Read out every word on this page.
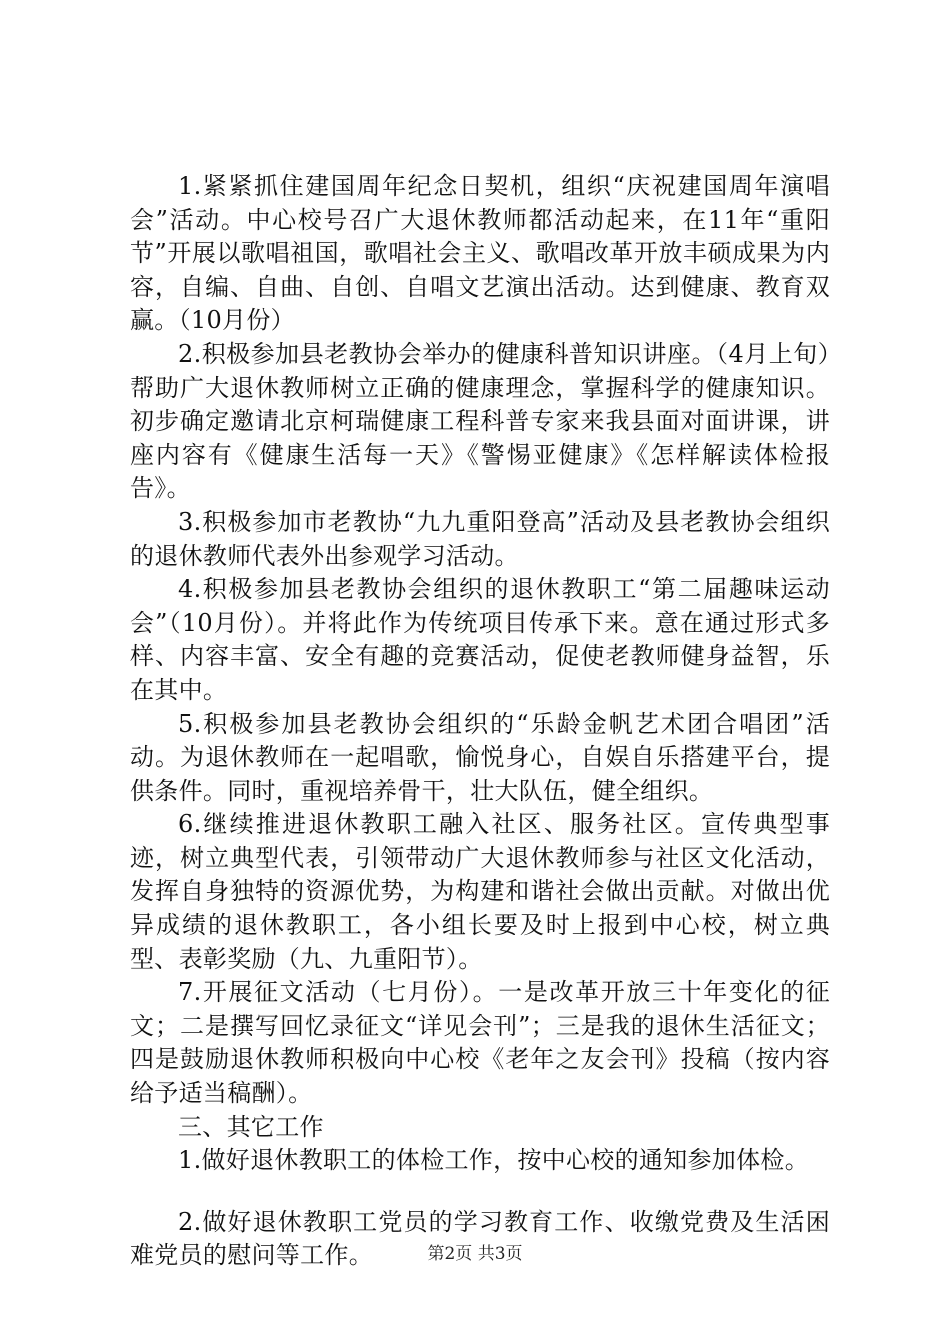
1.紧紧抓住建国周年纪念日契机，组织“庆祝建国周年演唱会”活动。中心校号召广大退休教师都活动起来，在11年“重阳节”开展以歌唱祖国，歌唱社会主义、歌唱改革开放丰硕成果为内容，自编、自曲、自创、自唱文艺演出活动。达到健康、教育双赢。（10月份）

2.积极参加县老教协会举办的健康科普知识讲座。（4月上旬）帮助广大退休教师树立正确的健康理念，掌握科学的健康知识。初步确定邀请北京柯瑞健康工程科普专家来我县面对面讲课，讲座内容有《健康生活每一天》《警惕亚健康》《怎样解读体检报告》。

3.积极参加市老教协“九九重阳登高”活动及县老教协会组织的退休教师代表外出参观学习活动。

4.积极参加县老教协会组织的退休教职工“第二届趣味运动会”（10月份）。并将此作为传统项目传承下来。意在通过形式多样、内容丰富、安全有趣的竞赛活动，促使老教师健身益智，乐在其中。

5.积极参加县老教协会组织的“乐龄金帆艺术团合唱团”活动。为退休教师在一起唱歌，愉悦身心，自娱自乐搭建平台，提供条件。同时，重视培养骨干，壮大队伍，健全组织。

6.继续推进退休教职工融入社区、服务社区。宣传典型事迹，树立典型代表，引领带动广大退休教师参与社区文化活动，发挥自身独特的资源优势，为构建和谐社会做出贡献。对做出优异成绩的退休教职工，各小组长要及时上报到中心校，树立典型、表彰奖励（九、九重阳节）。

7.开展征文活动（七月份）。一是改革开放三十年变化的征文；二是撰写回忆录征文“详见会刊”；三是我的退休生活征文；四是鼓励退休教师积极向中心校《老年之友会刊》投稿（按内容给予适当稿酬）。

三、其它工作

1.做好退休教职工的体检工作，按中心校的通知参加体检。

2.做好退休教职工党员的学习教育工作、收缴党费及生活困难党员的慰问等工作。	第2页 共3页
